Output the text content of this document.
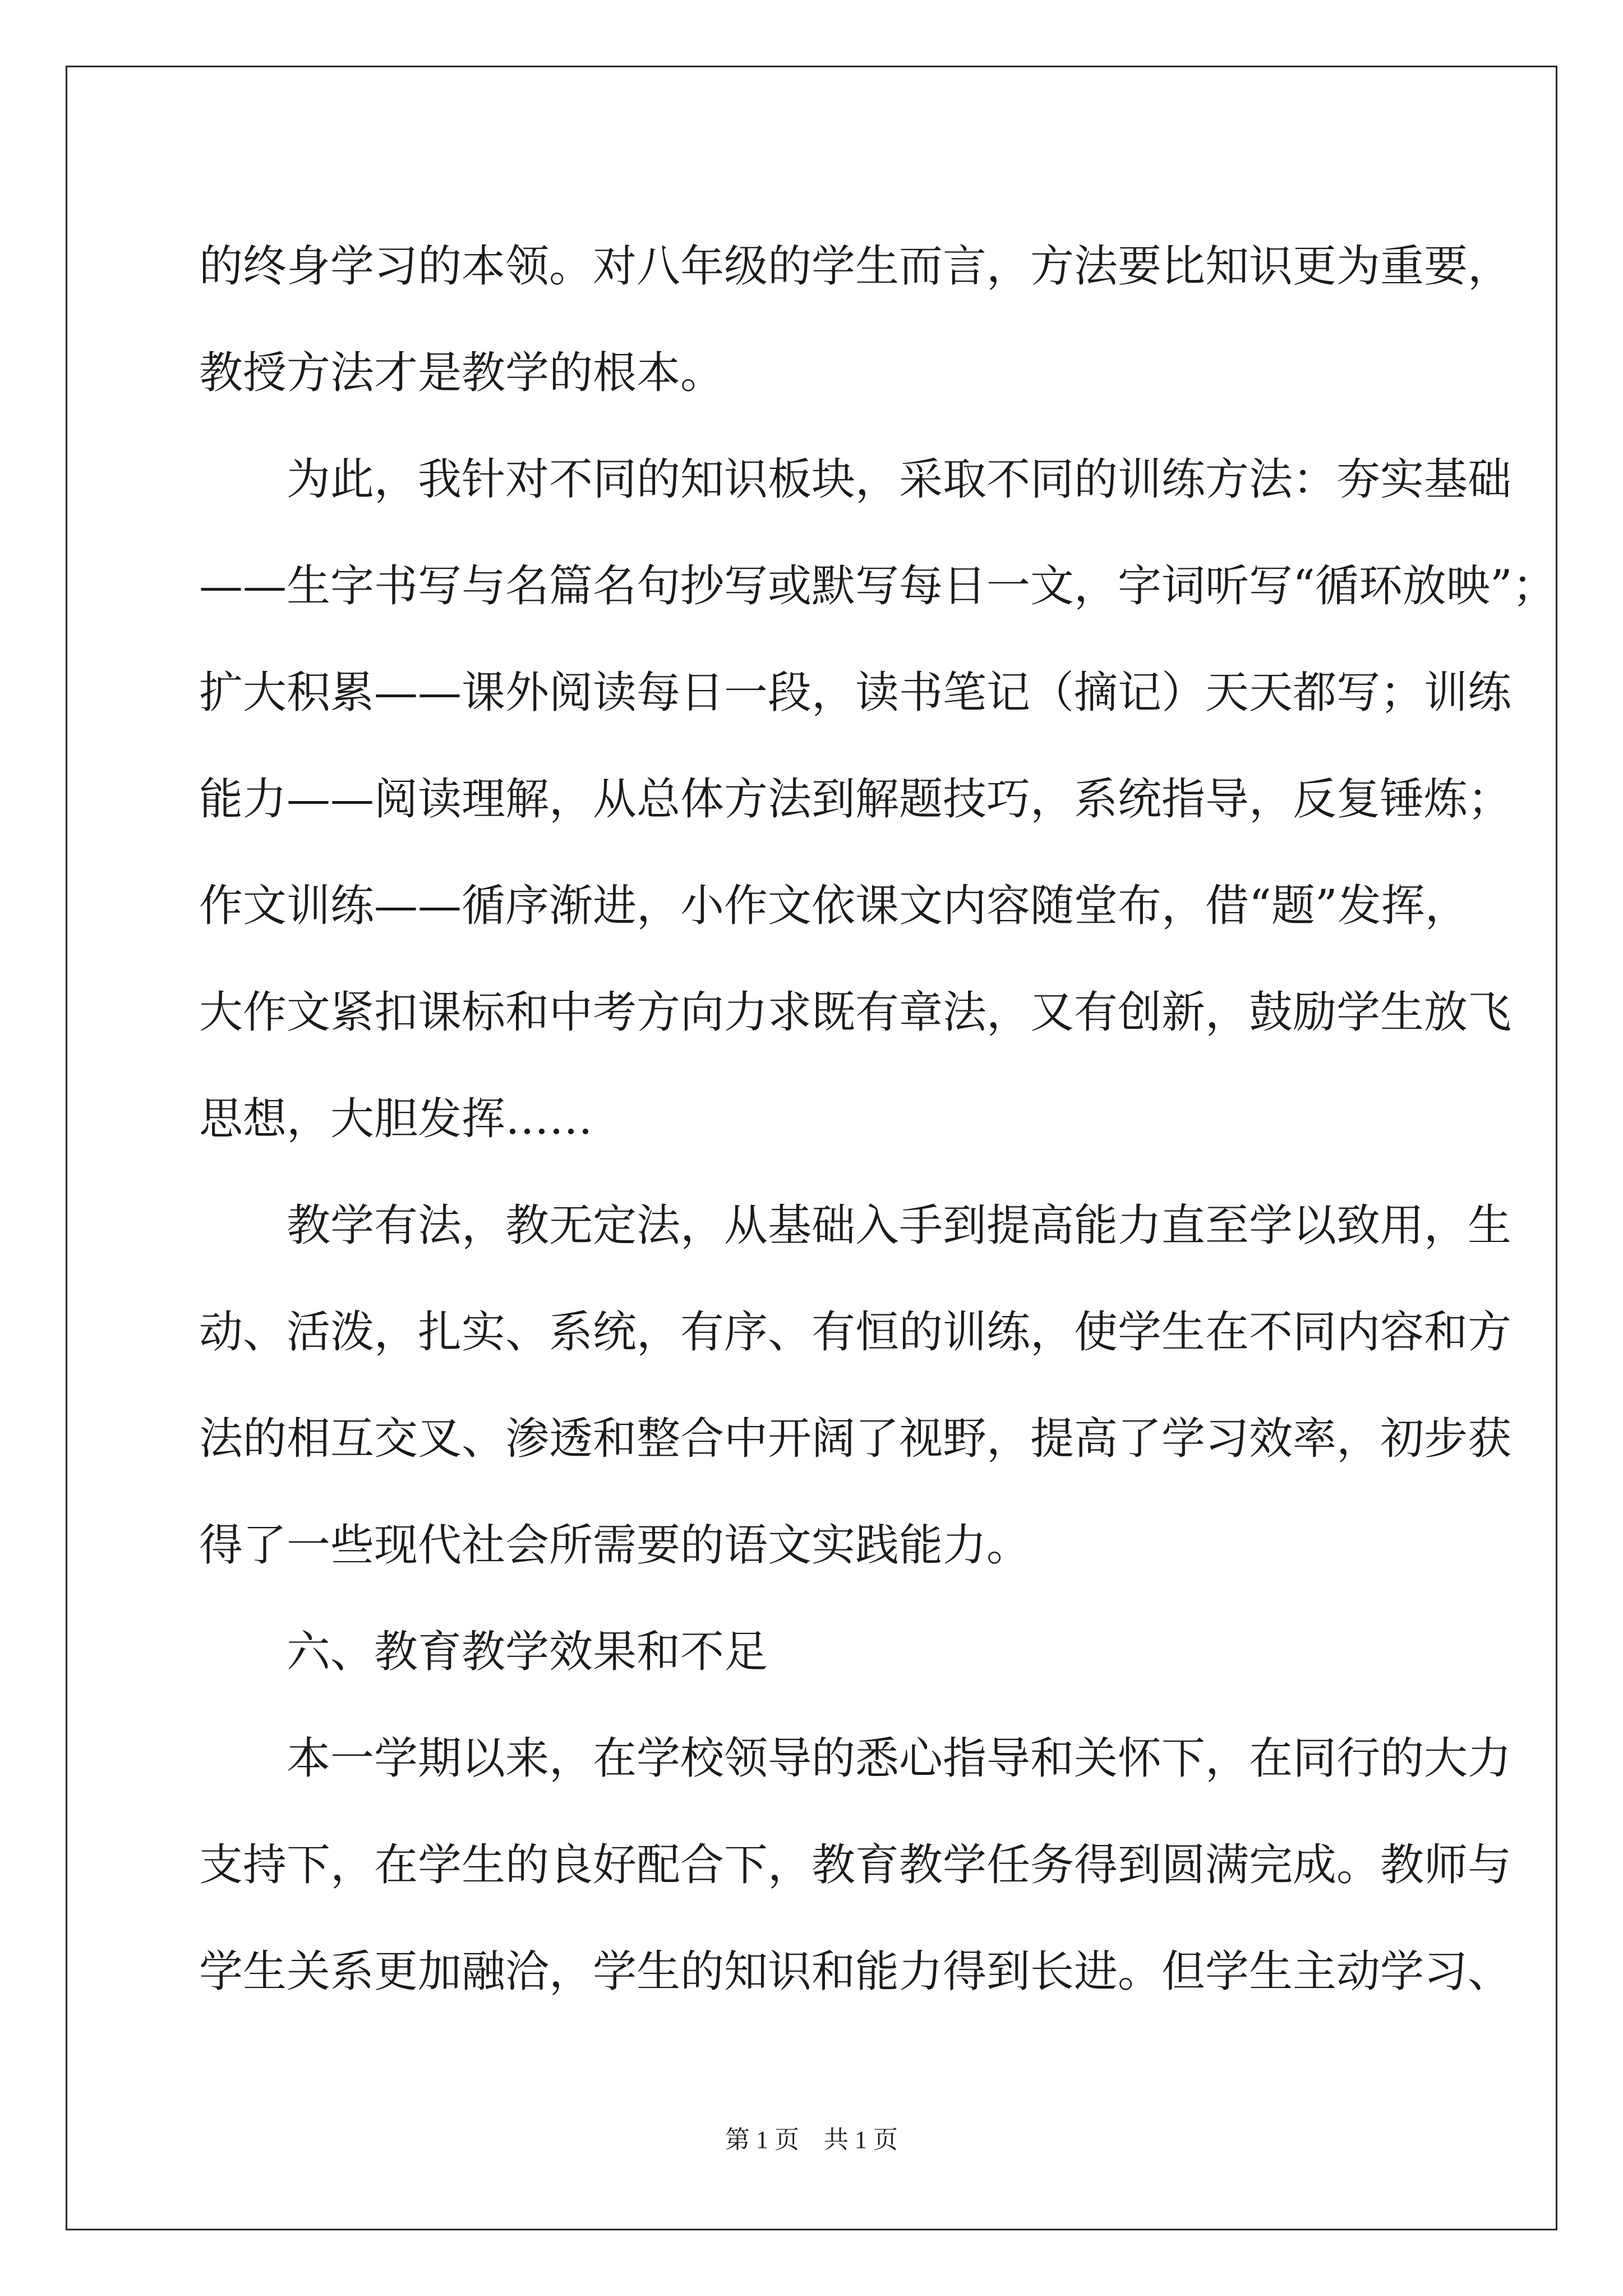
的终身学习的本领。对八年级的学生而言，方法要比知识更为重要，
教授方法才是教学的根本。
为此，我针对不同的知识板块，采取不同的训练方法：夯实基础
——生字书写与名篇名句抄写或默写每日一文，字词听写“循环放映”；
扩大积累——课外阅读每日一段，读书笔记（摘记）天天都写；训练
能力——阅读理解，从总体方法到解题技巧，系统指导，反复锤炼；
作文训练——循序渐进，小作文依课文内容随堂布，借“题”发挥，
大作文紧扣课标和中考方向力求既有章法，又有创新，鼓励学生放飞
思想，大胆发挥……
教学有法，教无定法，从基础入手到提高能力直至学以致用，生
动、活泼，扎实、系统，有序、有恒的训练，使学生在不同内容和方
法的相互交叉、渗透和整合中开阔了视野，提高了学习效率，初步获
得了一些现代社会所需要的语文实践能力。
六、教育教学效果和不足
本一学期以来，在学校领导的悉心指导和关怀下，在同行的大力
支持下，在学生的良好配合下，教育教学任务得到圆满完成。教师与
学生关系更加融洽，学生的知识和能力得到长进。但学生主动学习、
第 1 页　共 1 页
